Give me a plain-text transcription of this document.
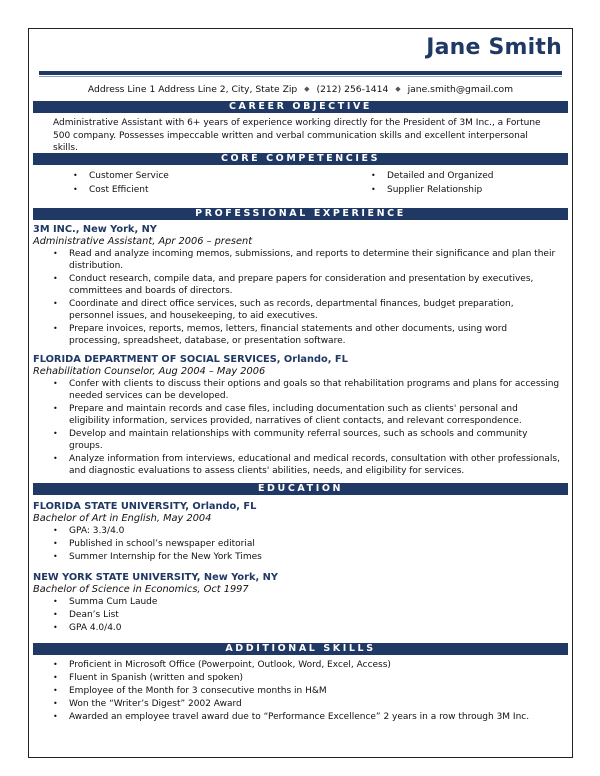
Jane Smith
Address Line 1 Address Line 2, City, State Zip ◆ (212) 256-1414 ◆ jane.smith@gmail.com
CAREER OBJECTIVE
Administrative Assistant with 6+ years of experience working directly for the President of 3M Inc., a Fortune 500 company. Possesses impeccable written and verbal communication skills and excellent interpersonal skills.
CORE COMPETENCIES
• Customer Service
• Cost Efficient
• Detailed and Organized
• Supplier Relationship
PROFESSIONAL EXPERIENCE
3M INC., New York, NY
Administrative Assistant, Apr 2006 – present
• Read and analyze incoming memos, submissions, and reports to determine their significance and plan their distribution.
• Conduct research, compile data, and prepare papers for consideration and presentation by executives, committees and boards of directors.
• Coordinate and direct office services, such as records, departmental finances, budget preparation, personnel issues, and housekeeping, to aid executives.
• Prepare invoices, reports, memos, letters, financial statements and other documents, using word processing, spreadsheet, database, or presentation software.
FLORIDA DEPARTMENT OF SOCIAL SERVICES, Orlando, FL
Rehabilitation Counselor, Aug 2004 – May 2006
• Confer with clients to discuss their options and goals so that rehabilitation programs and plans for accessing needed services can be developed.
• Prepare and maintain records and case files, including documentation such as clients' personal and eligibility information, services provided, narratives of client contacts, and relevant correspondence.
• Develop and maintain relationships with community referral sources, such as schools and community groups.
• Analyze information from interviews, educational and medical records, consultation with other professionals, and diagnostic evaluations to assess clients' abilities, needs, and eligibility for services.
EDUCATION
FLORIDA STATE UNIVERSITY, Orlando, FL
Bachelor of Art in English, May 2004
• GPA: 3.3/4.0
• Published in school’s newspaper editorial
• Summer Internship for the New York Times
NEW YORK STATE UNIVERSITY, New York, NY
Bachelor of Science in Economics, Oct 1997
• Summa Cum Laude
• Dean’s List
• GPA 4.0/4.0
ADDITIONAL SKILLS
• Proficient in Microsoft Office (Powerpoint, Outlook, Word, Excel, Access)
• Fluent in Spanish (written and spoken)
• Employee of the Month for 3 consecutive months in H&M
• Won the “Writer’s Digest” 2002 Award
• Awarded an employee travel award due to “Performance Excellence” 2 years in a row through 3M Inc.
